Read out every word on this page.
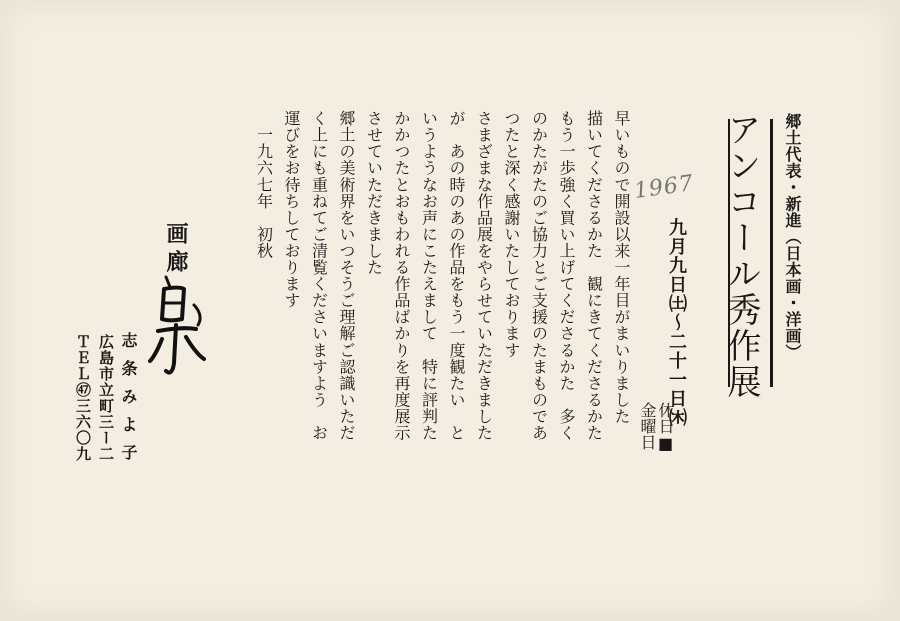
郷土代表・新進（日本画・洋画）
アンコール秀作展
1967
九月九日㈯～二十一日㈭
休日■
金曜日

早いもので開設以来一年目がまいりました

描いてくださるかた　観にきてくださるかた

もう一歩強く買い上げてくださるかた　多く

のかたがたのご協力とご支援のたまものであ

つたと深く感謝いたしております

さまざまな作品展をやらせていただきました

が　あの時のあの作品をもう一度観たい　と

いうようなお声にこたえまして　特に評判た

かかつたとおもわれる作品ばかりを再度展示

させていただきました

郷土の美術界をいつそうご理解ご認識いただ

く上にも重ねてご清覧くださいますよう　お

運びをお待ちしております

　一九六七年　初秋

画廊
志条みよ子
広島市立町三ー二
ＴＥＬ㊼三六〇九
